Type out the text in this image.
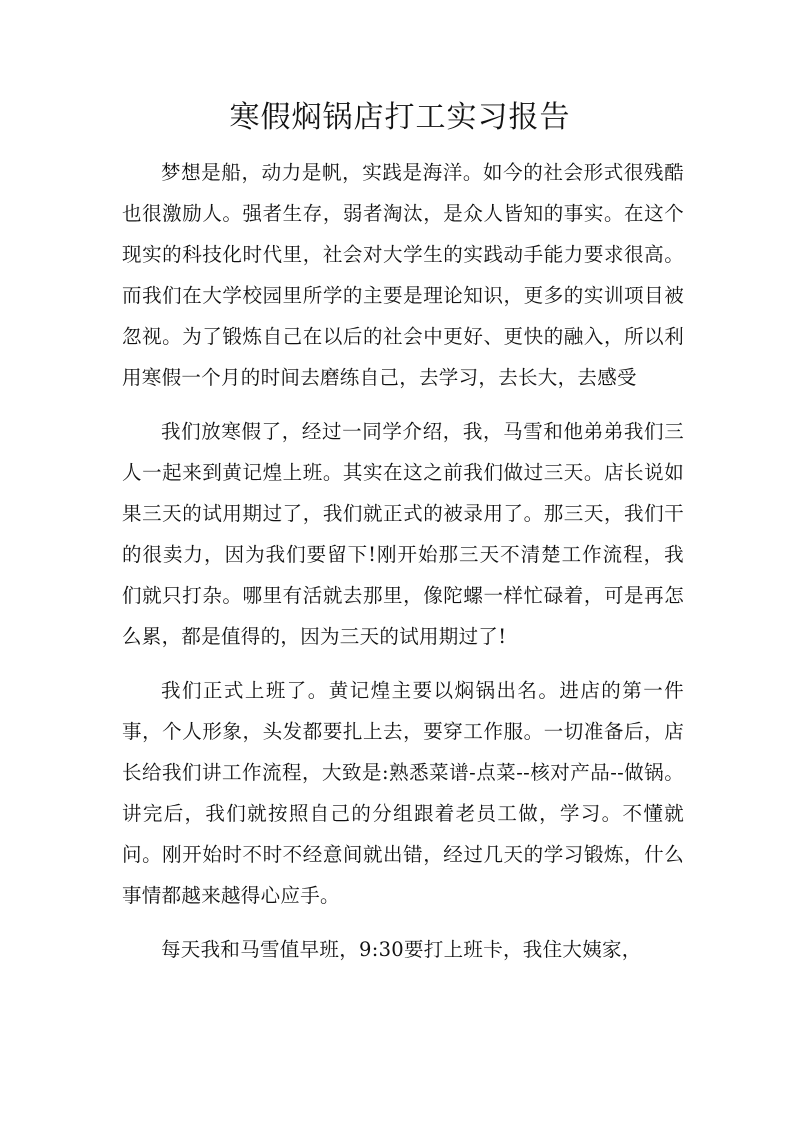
寒假焖锅店打工实习报告

梦想是船，动力是帆，实践是海洋。如今的社会形式很残酷也很激励人。强者生存，弱者淘汰，是众人皆知的事实。在这个现实的科技化时代里，社会对大学生的实践动手能力要求很高。而我们在大学校园里所学的主要是理论知识，更多的实训项目被忽视。为了锻炼自己在以后的社会中更好、更快的融入，所以利用寒假一个月的时间去磨练自己，去学习，去长大，去感受

我们放寒假了，经过一同学介绍，我，马雪和他弟弟我们三人一起来到黄记煌上班。其实在这之前我们做过三天。店长说如果三天的试用期过了，我们就正式的被录用了。那三天，我们干的很卖力，因为我们要留下!刚开始那三天不清楚工作流程，我们就只打杂。哪里有活就去那里，像陀螺一样忙碌着，可是再怎么累，都是值得的，因为三天的试用期过了!

我们正式上班了。黄记煌主要以焖锅出名。进店的第一件事，个人形象，头发都要扎上去，要穿工作服。一切准备后，店长给我们讲工作流程，大致是:熟悉菜谱-点菜--核对产品--做锅。讲完后，我们就按照自己的分组跟着老员工做，学习。不懂就问。刚开始时不时不经意间就出错，经过几天的学习锻炼，什么事情都越来越得心应手。

每天我和马雪值早班，9:30要打上班卡，我住大姨家，
